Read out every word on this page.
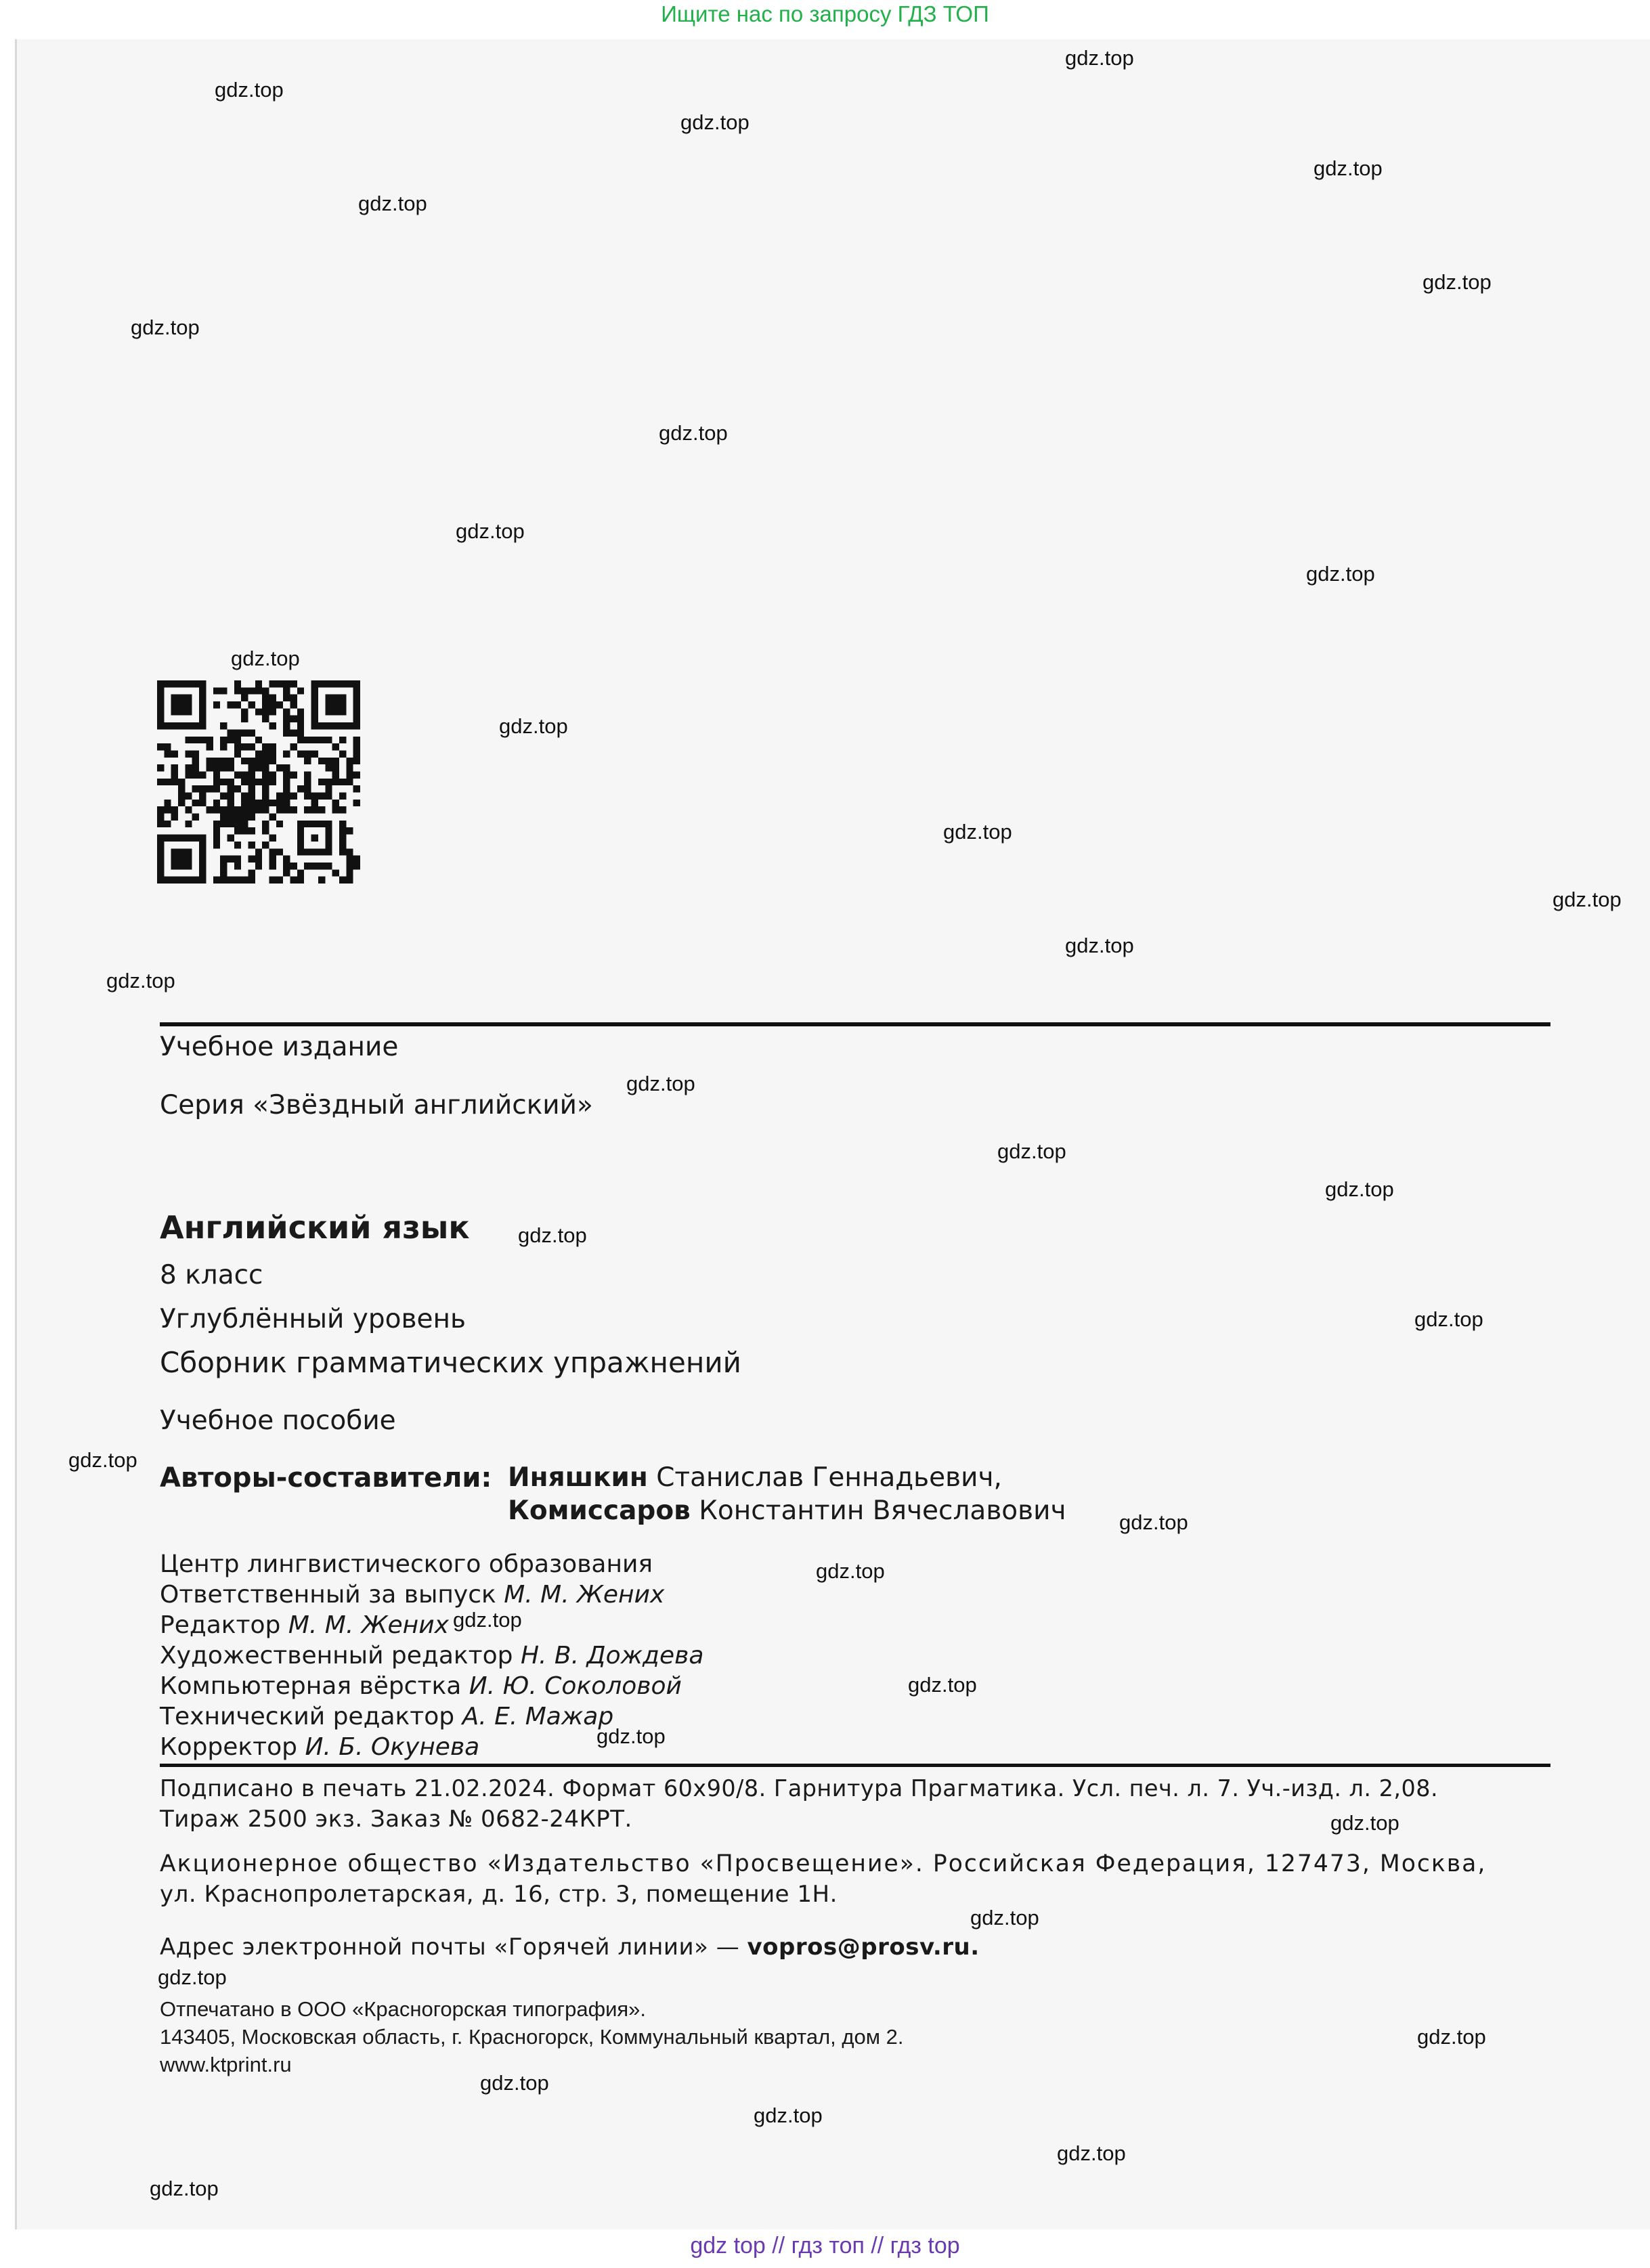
Ищите нас по запросу ГДЗ ТОП
Учебное издание
Серия «Звёздный английский»
Английский язык
8 класс
Углублённый уровень
Сборник грамматических упражнений
Учебное пособие
Авторы-составители: Иняшкин Станислав Геннадьевич,
Комиссаров Константин Вячеславович
Центр лингвистического образования
Ответственный за выпуск М. М. Жених
Редактор М. М. Жених
Художественный редактор Н. В. Дождева
Компьютерная вёрстка И. Ю. Соколовой
Технический редактор А. Е. Мажар
Корректор И. Б. Окунева
Подписано в печать 21.02.2024. Формат 60x90/8. Гарнитура Прагматика. Усл. печ. л. 7. Уч.-изд. л. 2,08.
Тираж 2500 экз. Заказ № 0682-24КРТ.
Акционерное общество «Издательство «Просвещение». Российская Федерация, 127473, Москва,
ул. Краснопролетарская, д. 16, стр. 3, помещение 1Н.
Адрес электронной почты «Горячей линии» — vopros@prosv.ru.
Отпечатано в ООО «Красногорская типография».
143405, Московская область, г. Красногорск, Коммунальный квартал, дом 2.
www.ktprint.ru
gdz.top
gdz.top
gdz.top
gdz.top
gdz.top
gdz.top
gdz.top
gdz.top
gdz.top
gdz.top
gdz.top
gdz.top
gdz.top
gdz.top
gdz.top
gdz.top
gdz.top
gdz.top
gdz.top
gdz.top
gdz.top
gdz.top
gdz.top
gdz.top
gdz.top
gdz.top
gdz.top
gdz.top
gdz.top
gdz.top
gdz.top
gdz.top
gdz.top
gdz.top
gdz.top
gdz top // гдз топ // гдз top
